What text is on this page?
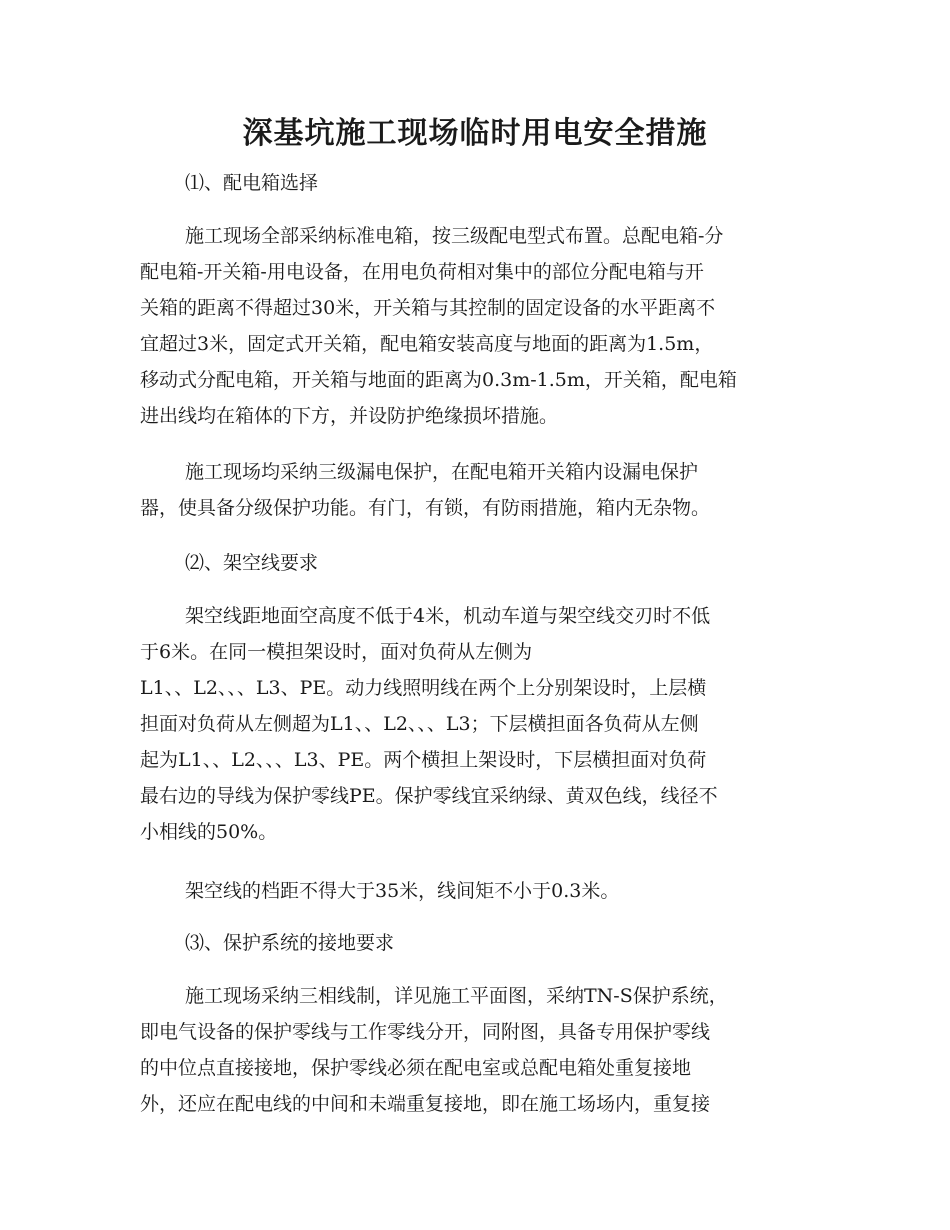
深基坑施工现场临时用电安全措施

⑴、配电箱选择

施工现场全部采纳标准电箱，按三级配电型式布置。总配电箱-分
配电箱-开关箱-用电设备，在用电负荷相对集中的部位分配电箱与开
关箱的距离不得超过30米，开关箱与其控制的固定设备的水平距离不
宜超过3米，固定式开关箱，配电箱安装高度与地面的距离为1.5m，
移动式分配电箱，开关箱与地面的距离为0.3m-1.5m，开关箱，配电箱
进出线均在箱体的下方，并设防护绝缘损坏措施。
施工现场均采纳三级漏电保护，在配电箱开关箱内设漏电保护
器，使具备分级保护功能。有门，有锁，有防雨措施，箱内无杂物。

⑵、架空线要求

架空线距地面空高度不低于4米，机动车道与架空线交刃时不低
于6米。在同一模担架设时，面对负荷从左侧为
L1、、L2、、、L3、PE。动力线照明线在两个上分别架设时，上层横
担面对负荷从左侧超为L1、、L2、、、L3；下层横担面各负荷从左侧
起为L1、、L2、、、L3、PE。两个横担上架设时，下层横担面对负荷
最右边的导线为保护零线PE。保护零线宜采纳绿、黄双色线，线径不
小相线的50%。
架空线的档距不得大于35米，线间矩不小于0.3米。

⑶、保护系统的接地要求

施工现场采纳三相线制，详见施工平面图，采纳TN-S保护系统，
即电气设备的保护零线与工作零线分开，同附图，具备专用保护零线
的中位点直接接地，保护零线必须在配电室或总配电箱处重复接地
外，还应在配电线的中间和未端重复接地，即在施工场场内，重复接
